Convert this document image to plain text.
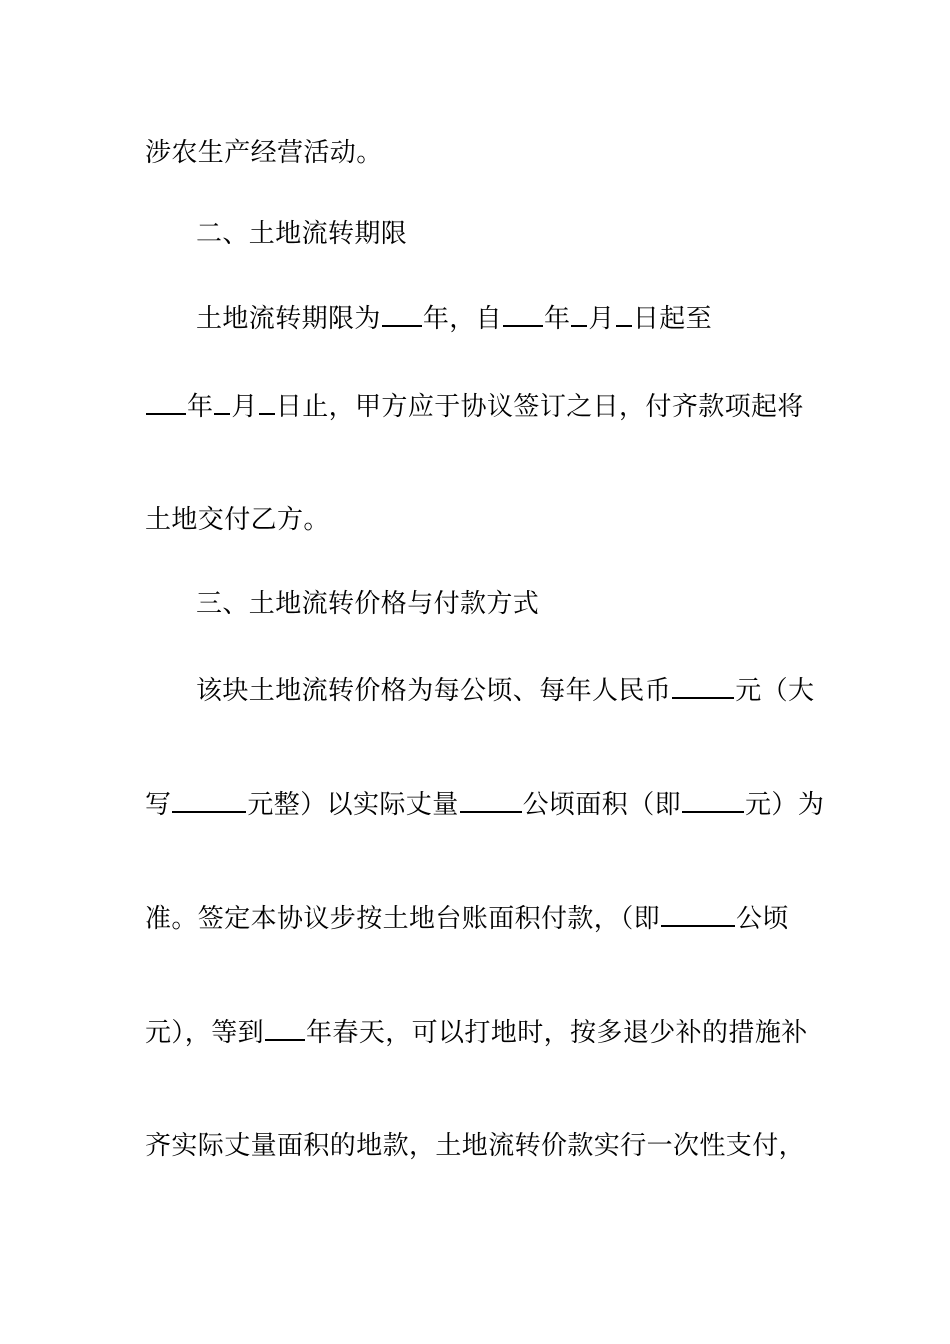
涉农生产经营活动。
二、土地流转期限
土地流转期限为 年，自 年 月 日起至
年 月 日止，甲方应于协议签订之日，付齐款项起将
土地交付乙方。
三、土地流转价格与付款方式
该块土地流转价格为每公顷、每年人民币 元（大
写	元整）以实际丈量 公顷面积（即 元）为
准。签定本协议步按土地台账面积付款，（即	公顷
元），等到 年春天，可以打地时，按多退少补的措施补
齐实际丈量面积的地款，土地流转价款实行一次性支付，
